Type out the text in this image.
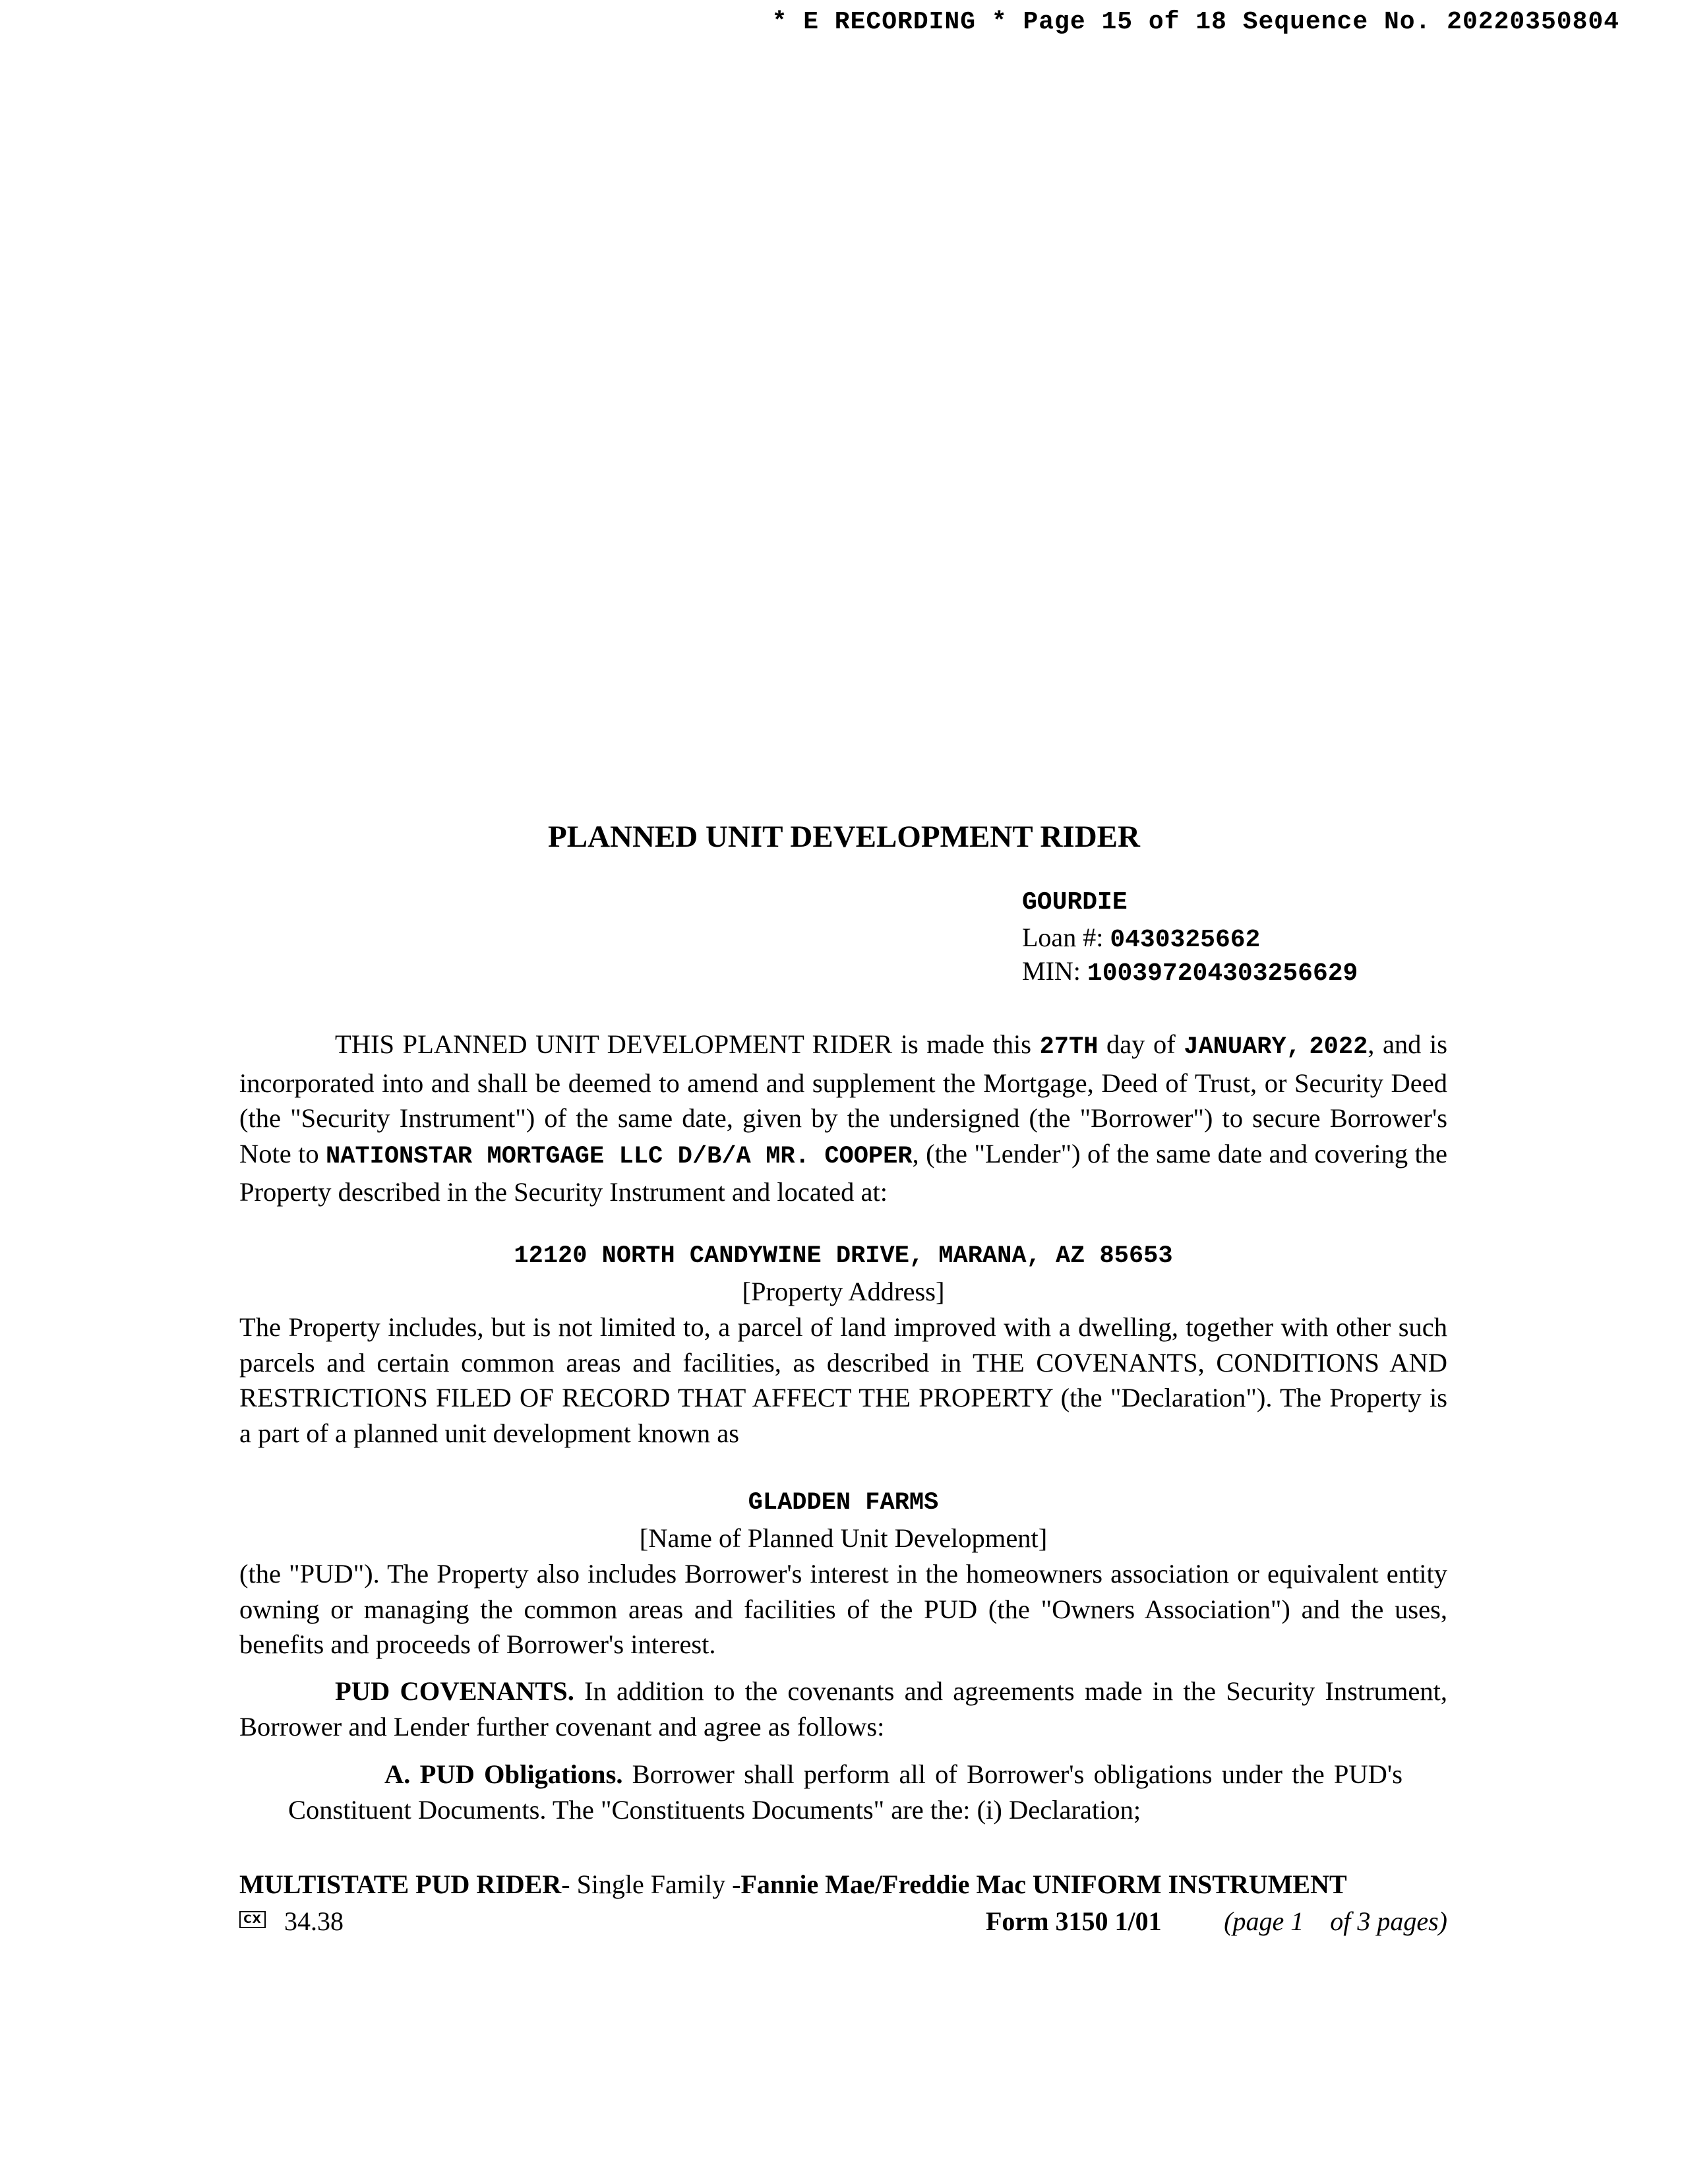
* E RECORDING * Page 15 of 18 Sequence No. 20220350804
PLANNED UNIT DEVELOPMENT RIDER
GOURDIE
Loan #: 0430325662
MIN: 100397204303256629
THIS PLANNED UNIT DEVELOPMENT RIDER is made this 27TH day of JANUARY, 2022, and is incorporated into and shall be deemed to amend and supplement the Mortgage, Deed of Trust, or Security Deed (the "Security Instrument") of the same date, given by the undersigned (the "Borrower") to secure Borrower's Note to NATIONSTAR MORTGAGE LLC D/B/A MR. COOPER, (the "Lender") of the same date and covering the Property described in the Security Instrument and located at:
12120 NORTH CANDYWINE DRIVE, MARANA, AZ 85653
[Property Address]
The Property includes, but is not limited to, a parcel of land improved with a dwelling, together with other such parcels and certain common areas and facilities, as described in THE COVENANTS, CONDITIONS AND RESTRICTIONS FILED OF RECORD THAT AFFECT THE PROPERTY (the "Declaration"). The Property is a part of a planned unit development known as
GLADDEN FARMS
[Name of Planned Unit Development]
(the "PUD"). The Property also includes Borrower's interest in the homeowners association or equivalent entity owning or managing the common areas and facilities of the PUD (the "Owners Association") and the uses, benefits and proceeds of Borrower's interest.
PUD COVENANTS. In addition to the covenants and agreements made in the Security Instrument, Borrower and Lender further covenant and agree as follows:
A. PUD Obligations. Borrower shall perform all of Borrower's obligations under the PUD's Constituent Documents. The "Constituents Documents" are the: (i) Declaration;
MULTISTATE PUD RIDER- Single Family -Fannie Mae/Freddie Mac UNIFORM INSTRUMENT
CX 34.38	Form 3150 1/01 (page 1    of 3 pages)
